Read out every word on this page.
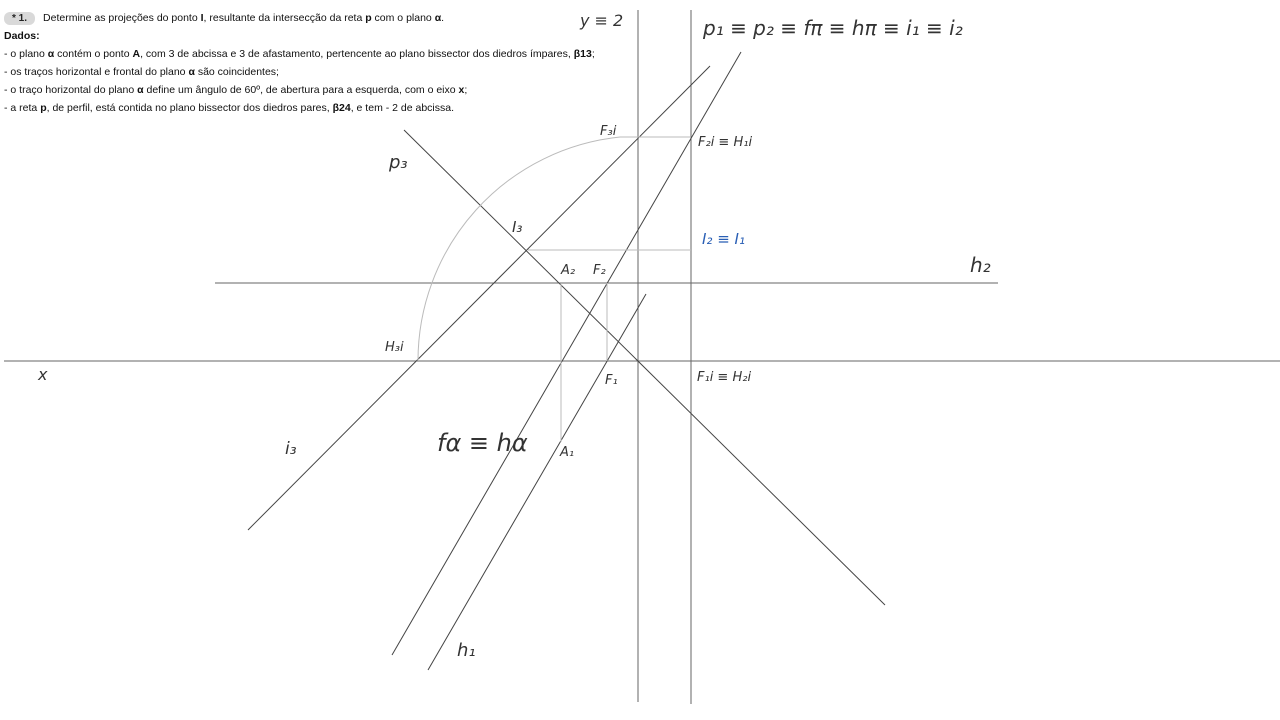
y ≡ 2	p₁ ≡ p₂ ≡ fπ ≡ hπ ≡ i₁ ≡ i₂
x
h₂
h₁
p₃
i₃
I₃
F₃i
F₂i ≡ H₁i
I₂ ≡ I₁
A₂ F₂
H₃i
F₁	F₁i ≡ H₂i
fα ≡ hα A₁
* 1.	Determine as projeções do ponto I, resultante da intersecção da reta p com o plano α.
Dados:
- o plano α contém o ponto A, com 3 de abcissa e 3 de afastamento, pertencente ao plano bissector dos diedros ímpares, β13;
- os traços horizontal e frontal do plano α são coincidentes;
- o traço horizontal do plano α define um ângulo de 60º, de abertura para a esquerda, com o eixo x;
- a reta p, de perfil, está contida no plano bissector dos diedros pares, β24, e tem - 2 de abcissa.
